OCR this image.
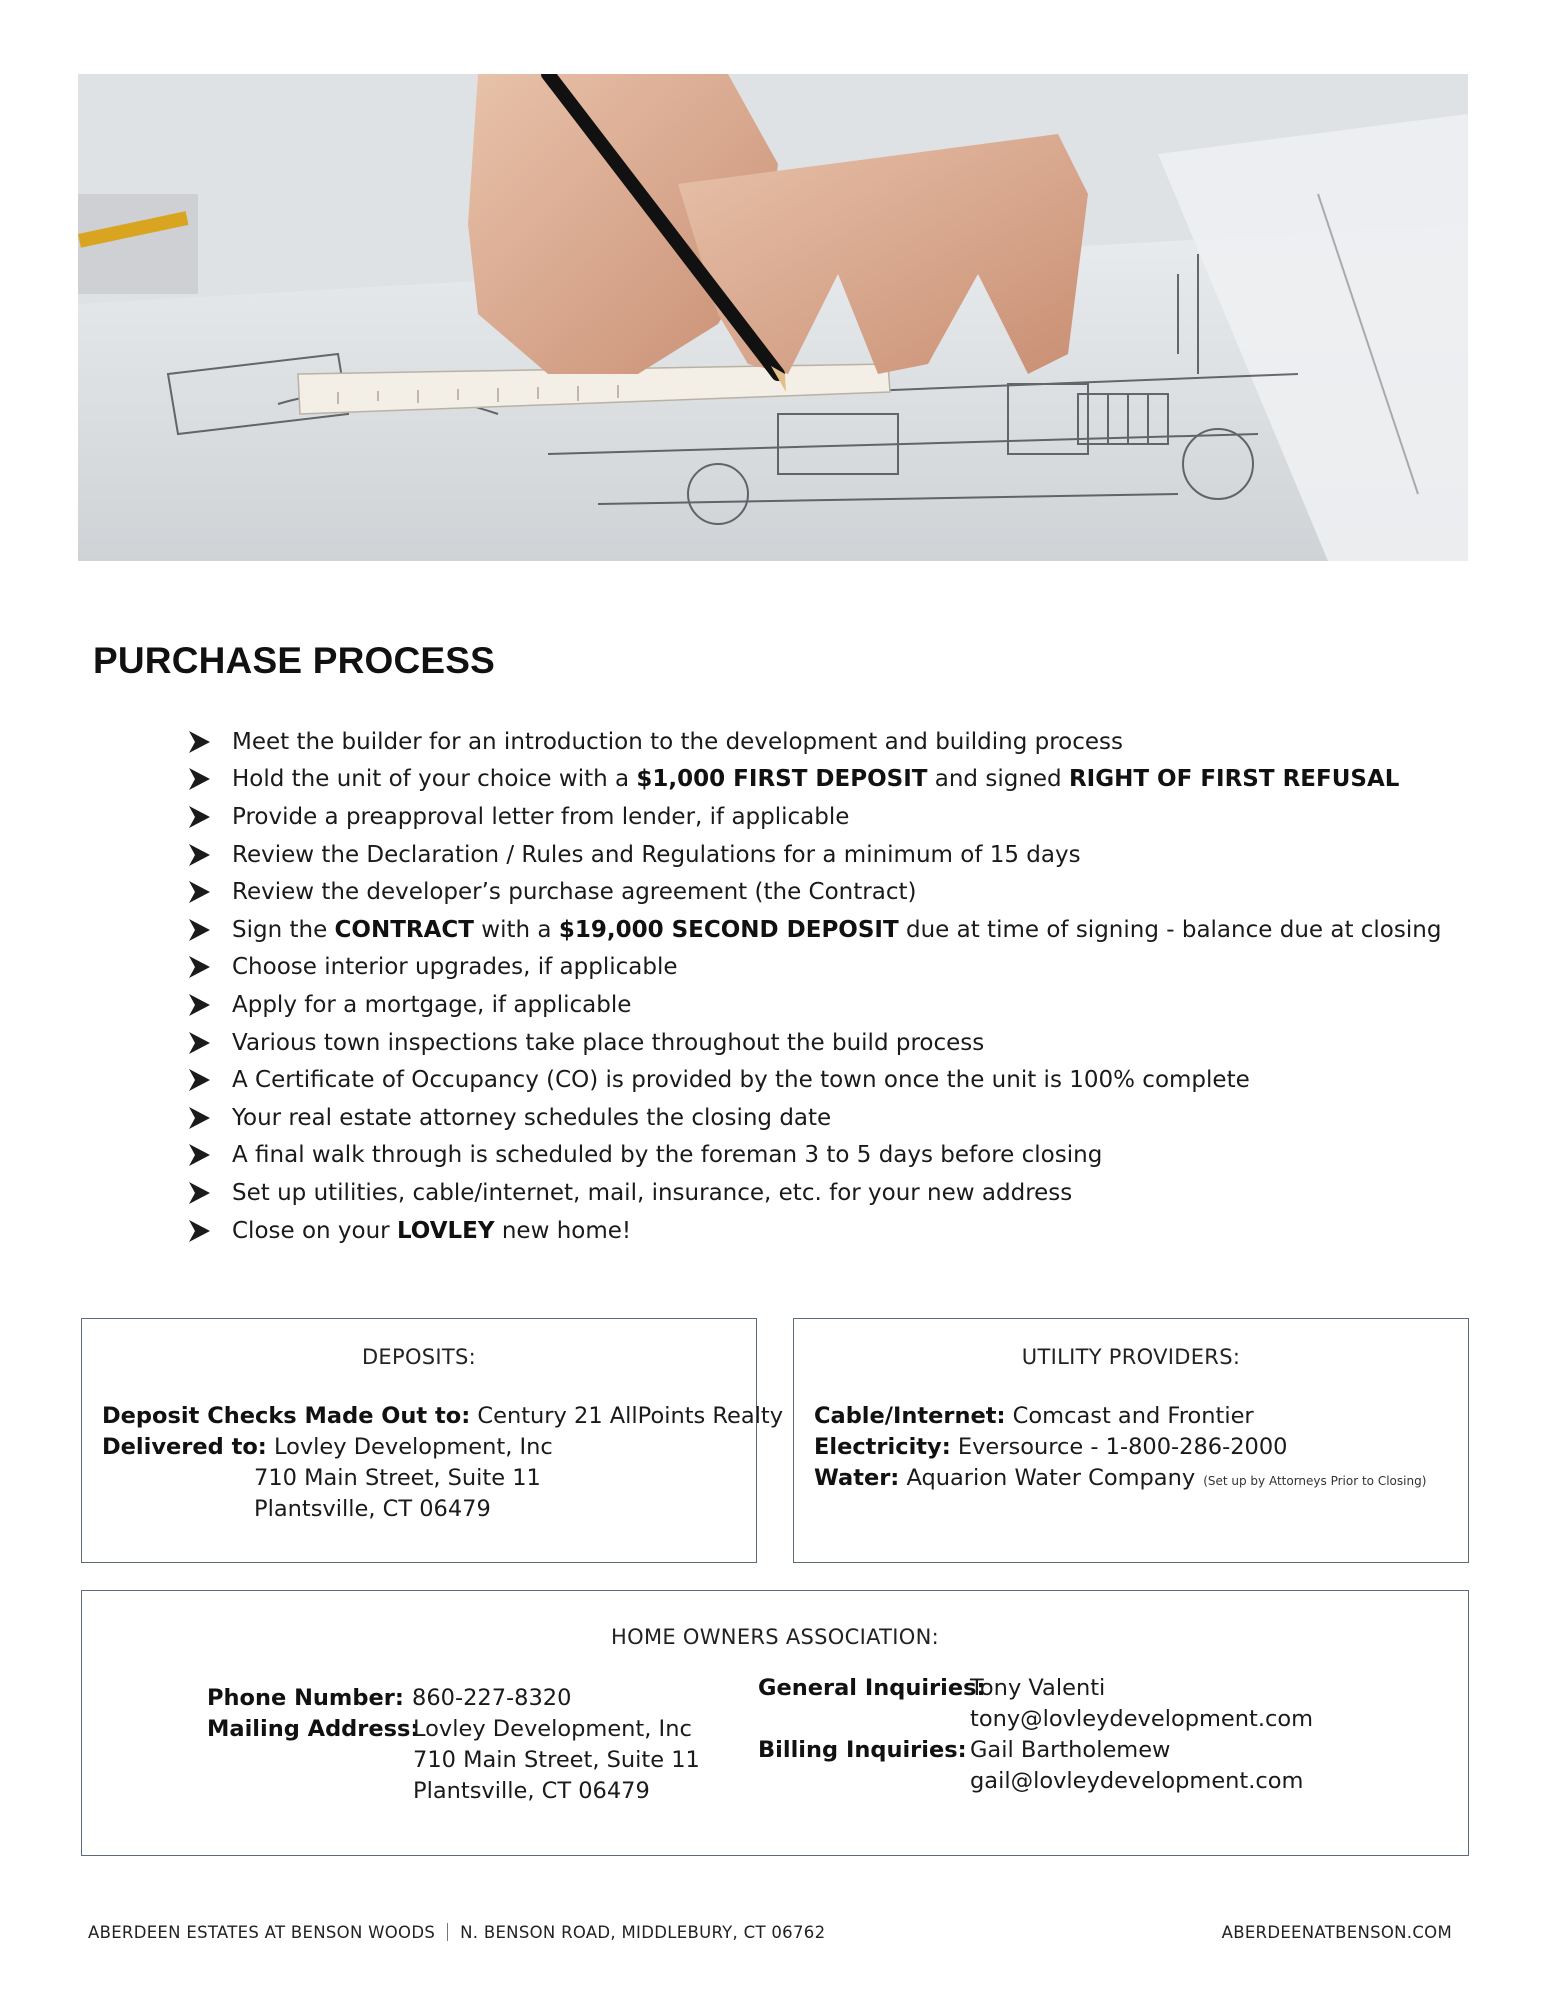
PURCHASE PROCESS
Meet the builder for an introduction to the development and building process
Hold the unit of your choice with a $1,000 FIRST DEPOSIT and signed RIGHT OF FIRST REFUSAL
Provide a preapproval letter from lender, if applicable
Review the Declaration / Rules and Regulations for a minimum of 15 days
Review the developer’s purchase agreement (the Contract)
Sign the CONTRACT with a $19,000 SECOND DEPOSIT due at time of signing - balance due at closing
Choose interior upgrades, if applicable
Apply for a mortgage, if applicable
Various town inspections take place throughout the build process
A Certificate of Occupancy (CO) is provided by the town once the unit is 100% complete
Your real estate attorney schedules the closing date
A final walk through is scheduled by the foreman 3 to 5 days before closing
Set up utilities, cable/internet, mail, insurance, etc. for your new address
Close on your LOVLEY new home!
DEPOSITS:
Deposit Checks Made Out to: Century 21 AllPoints Realty
Delivered to: Lovley Development, Inc
710 Main Street, Suite 11
Plantsville, CT 06479
UTILITY PROVIDERS:
Cable/Internet: Comcast and Frontier
Electricity: Eversource - 1-800-286-2000
Water: Aquarion Water Company (Set up by Attorneys Prior to Closing)
HOME OWNERS ASSOCIATION:
Phone Number: 860-227-8320
Mailing Address:
Lovley Development, Inc
710 Main Street, Suite 11
Plantsville, CT 06479
General Inquiries:
Tony Valenti
tony@lovleydevelopment.com
Billing Inquiries: Gail Bartholemew
gail@lovleydevelopment.com
ABERDEEN ESTATES AT BENSON WOODS N. BENSON ROAD, MIDDLEBURY, CT 06762	ABERDEENATBENSON.COM
